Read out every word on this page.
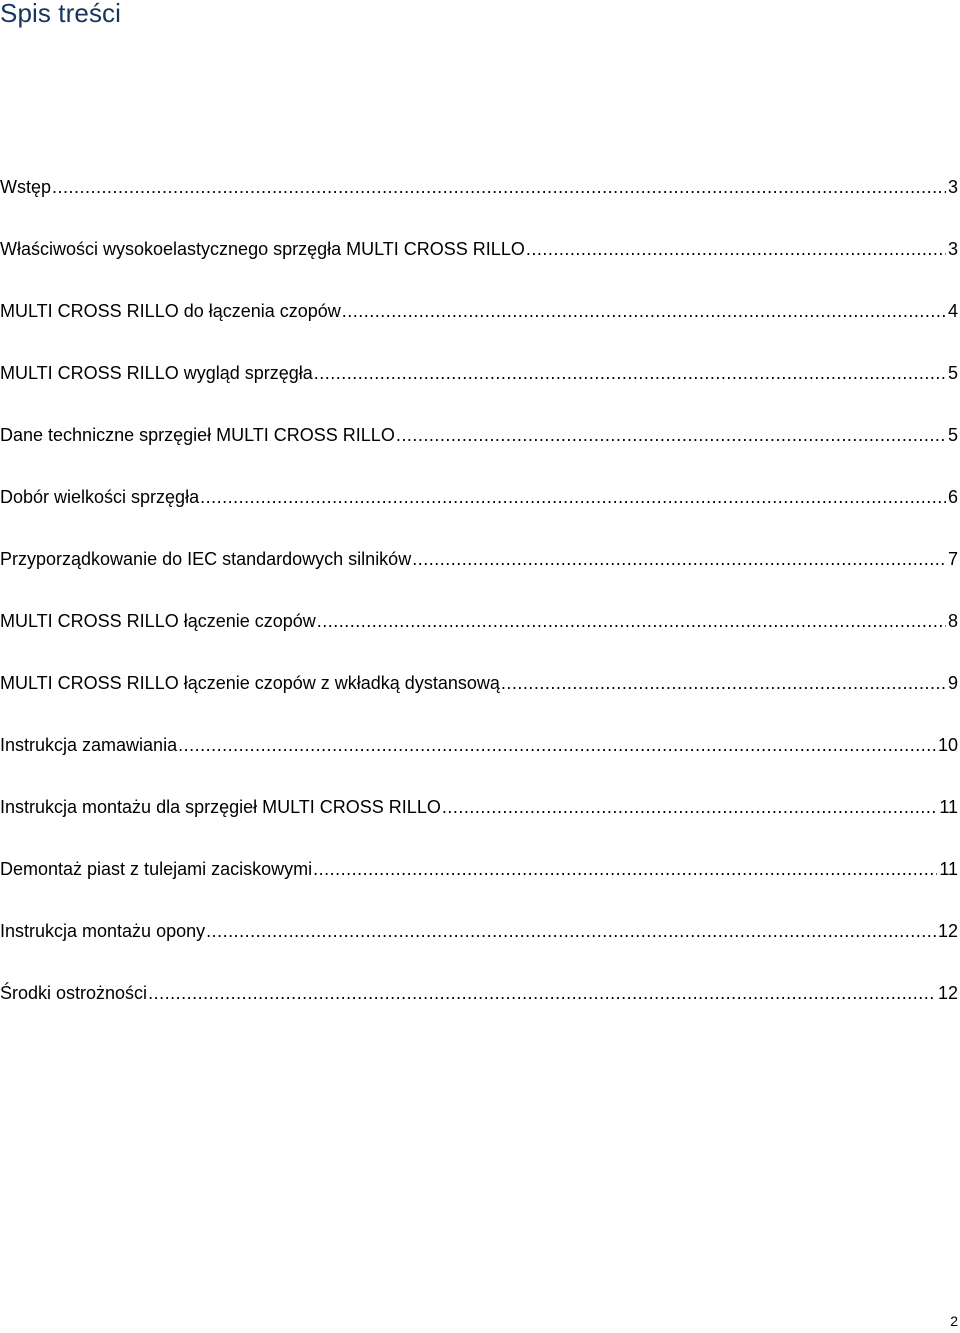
Spis treści
Wstęp .....	3
Właściwości wysokoelastycznego sprzęgła MULTI CROSS RILLO .....	3
MULTI CROSS RILLO do łączenia czopów .....	4
MULTI CROSS RILLO wygląd sprzęgła .....	5
Dane techniczne sprzęgieł MULTI CROSS RILLO .....	5
Dobór wielkości sprzęgła .....	6
Przyporządkowanie do IEC standardowych silników .....	7
MULTI CROSS RILLO łączenie czopów .....	8
MULTI CROSS RILLO łączenie czopów z wkładką dystansową .....	9
Instrukcja zamawiania .....	10
Instrukcja montażu dla sprzęgieł MULTI CROSS RILLO .....	11
Demontaż piast z tulejami zaciskowymi .....	11
Instrukcja montażu opony .....	12
Środki ostrożności .....	12
2
